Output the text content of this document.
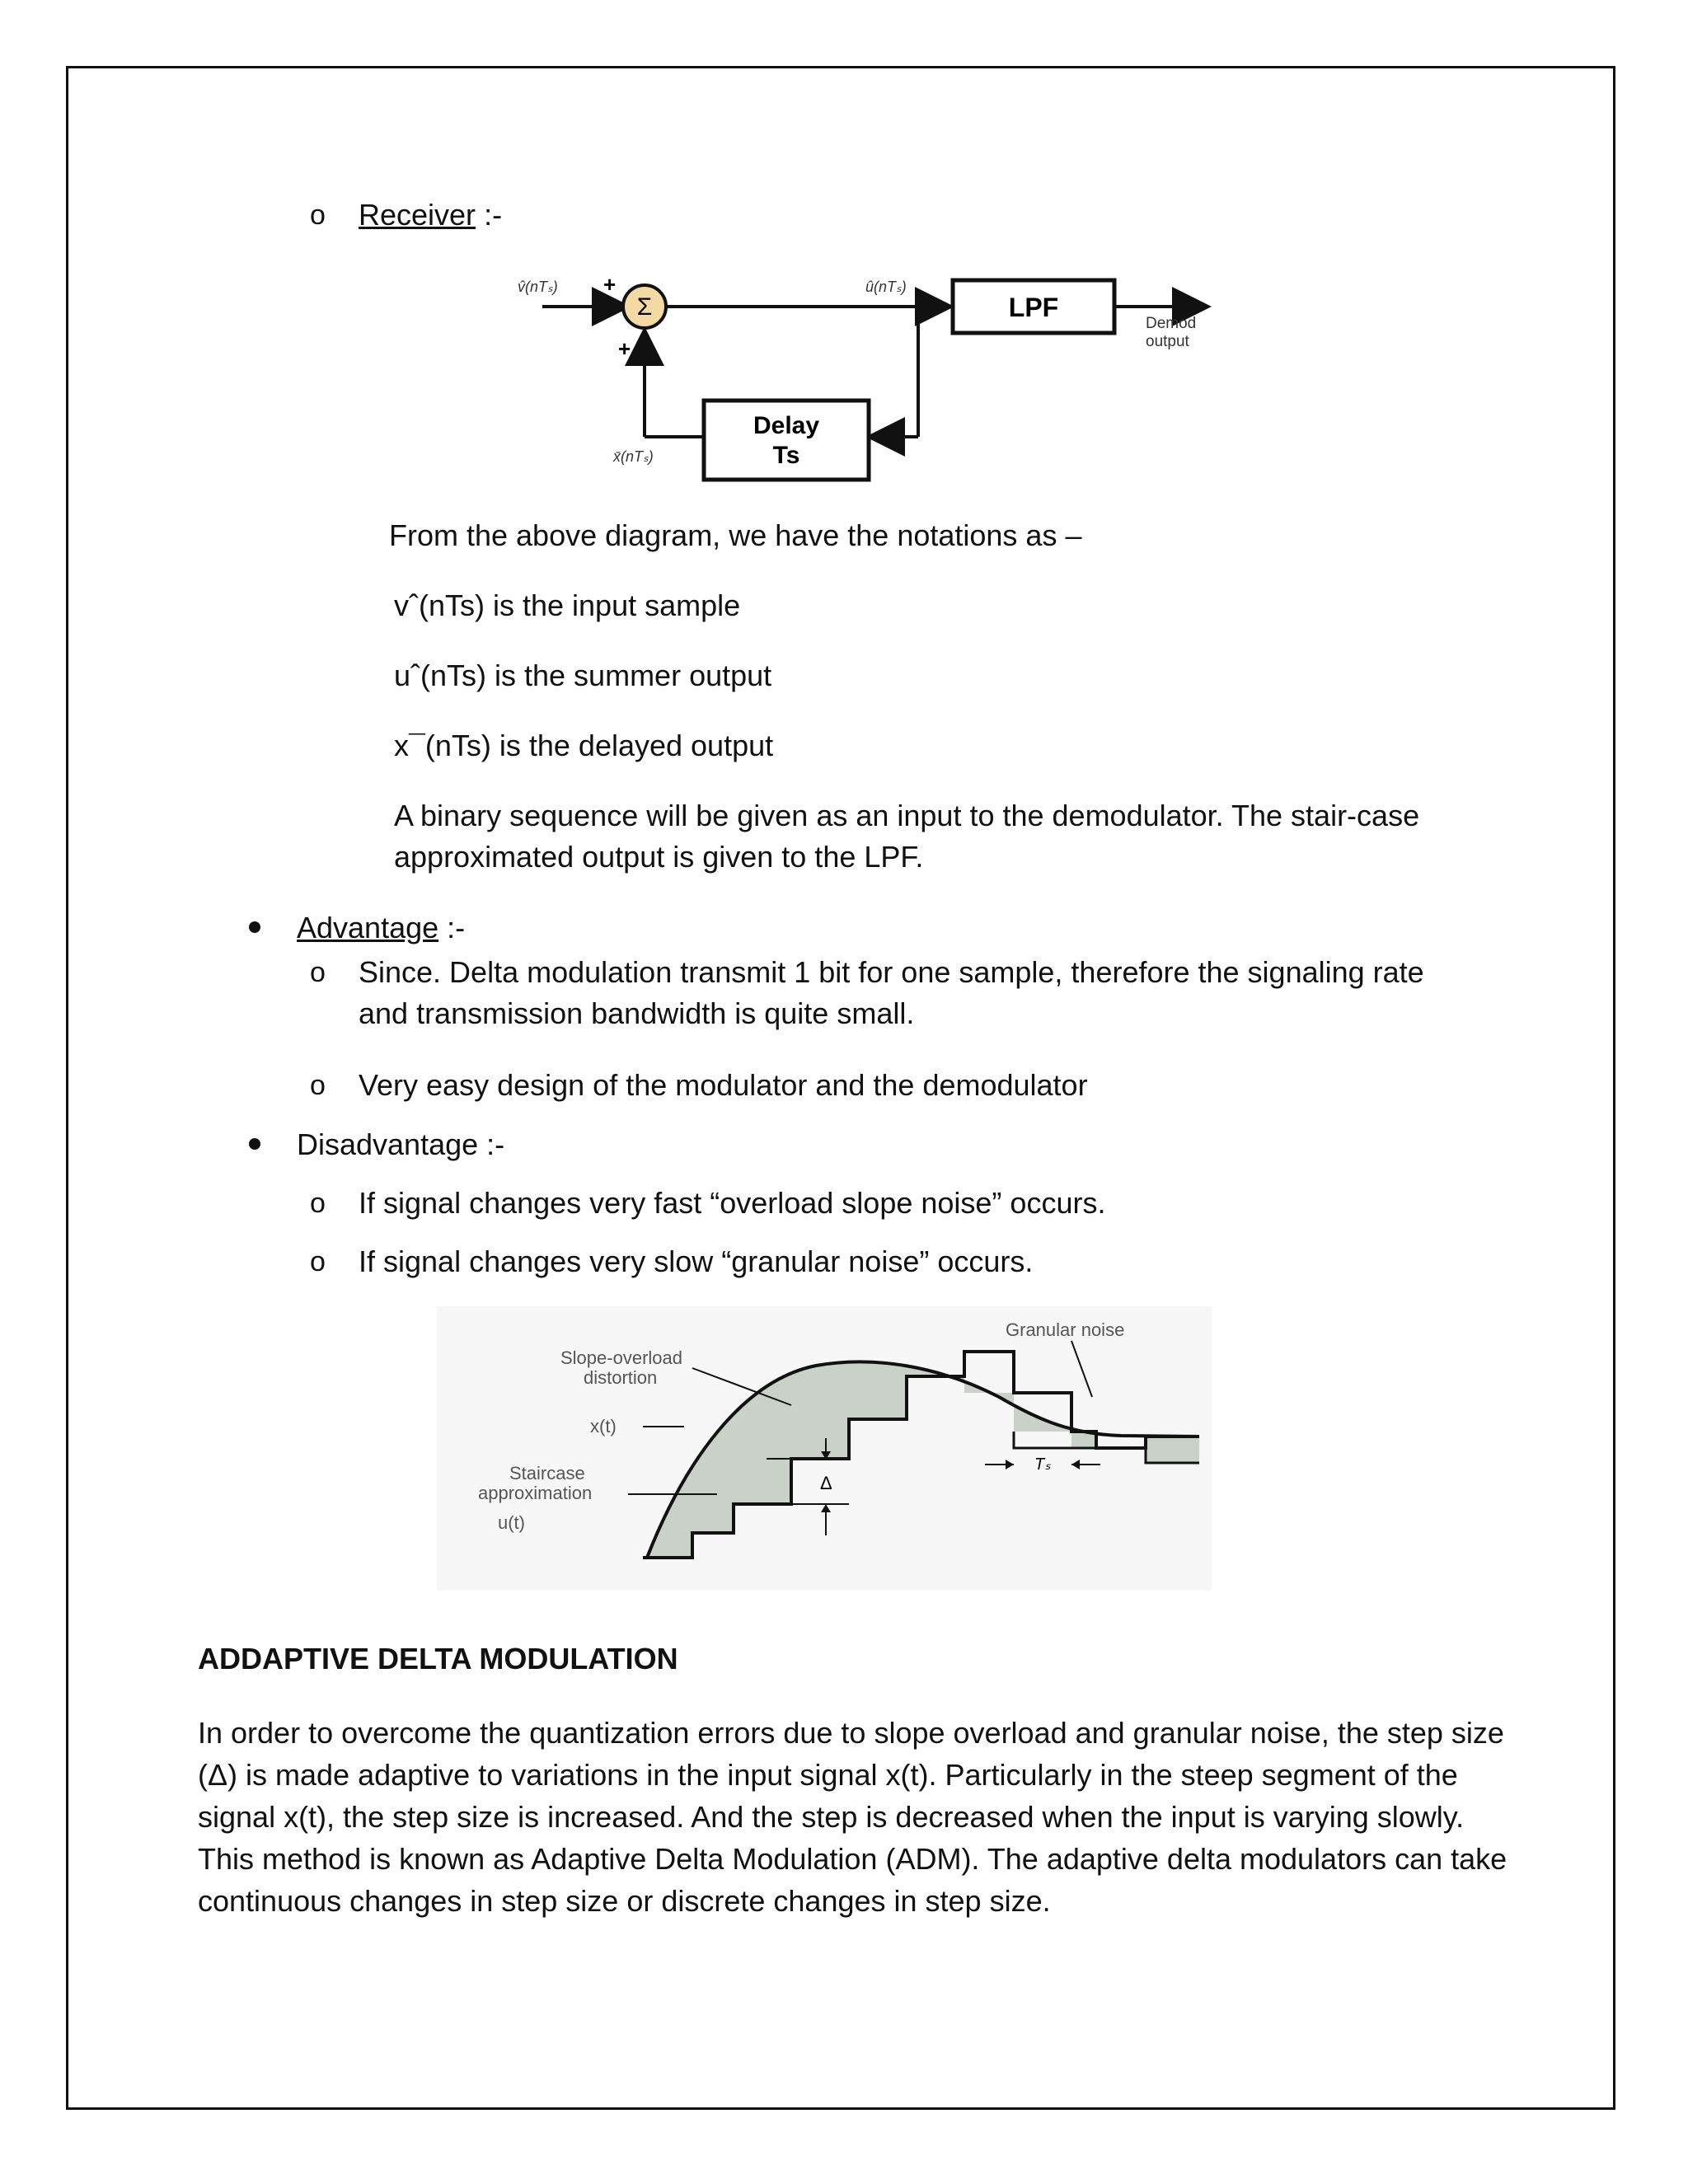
o Receiver :-
v̂(nTₛ) +
Σ
+
û(nTₛ)
LPF
Demod
output
Delay
Ts
x̄(nTₛ)
From the above diagram, we have the notations as –
vˆ(nTs) is the input sample
uˆ(nTs) is the summer output
x¯(nTs) is the delayed output
A binary sequence will be given as an input to the demodulator. The stair-case approximated output is given to the LPF.
Advantage :-
o Since. Delta modulation transmit 1 bit for one sample, therefore the signaling rate and transmission bandwidth is quite small.
o Very easy design of the modulator and the demodulator
Disadvantage :-
o If signal changes very fast “overload slope noise” occurs.
o If signal changes very slow “granular noise” occurs.
Granular noise
Slope-overload
distortion
x(t)
Staircase
approximation
u(t)
Δ
Tₛ
ADDAPTIVE DELTA MODULATION
In order to overcome the quantization errors due to slope overload and granular noise, the step size (Δ) is made adaptive to variations in the input signal x(t). Particularly in the steep segment of the signal x(t), the step size is increased. And the step is decreased when the input is varying slowly. This method is known as Adaptive Delta Modulation (ADM). The adaptive delta modulators can take continuous changes in step size or discrete changes in step size.
